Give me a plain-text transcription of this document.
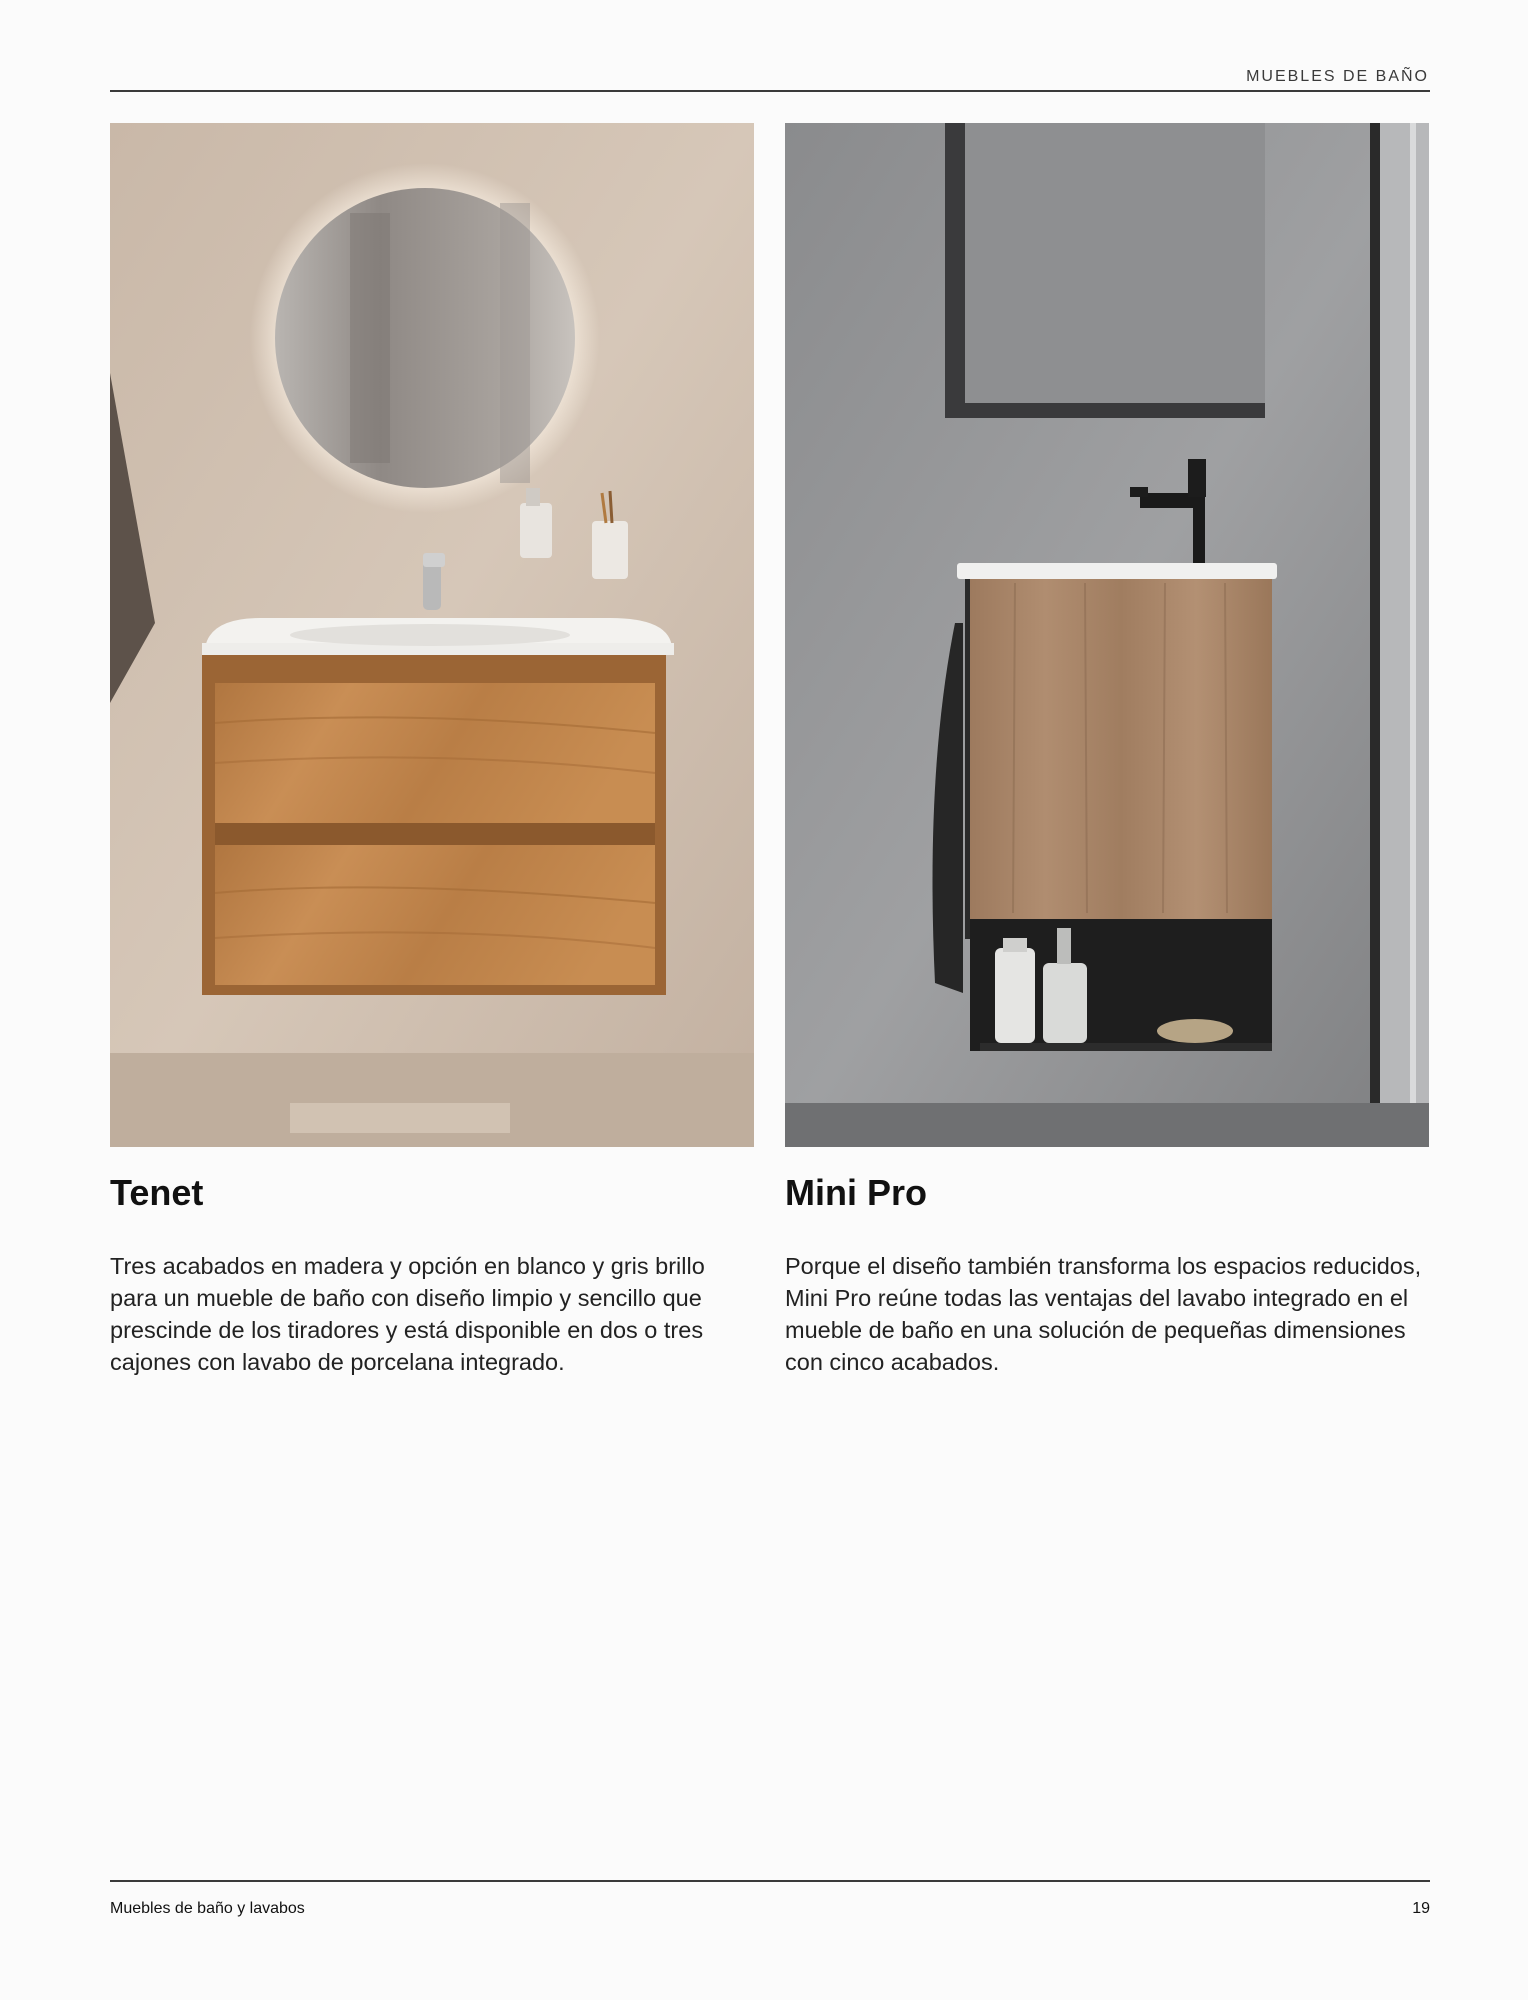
MUEBLES DE BAÑO
Tenet

Tres acabados en madera y opción en blanco y gris brillo para un mueble de baño con diseño limpio y sencillo que prescinde de los tiradores y está disponible en dos o tres cajones con lavabo de porcelana integrado.

Mini Pro

Porque el diseño también transforma los espacios reducidos, Mini Pro reúne todas las ventajas del lavabo integrado en el mueble de baño en una solución de pequeñas dimensiones con cinco acabados.

Muebles de baño y lavabos	19
